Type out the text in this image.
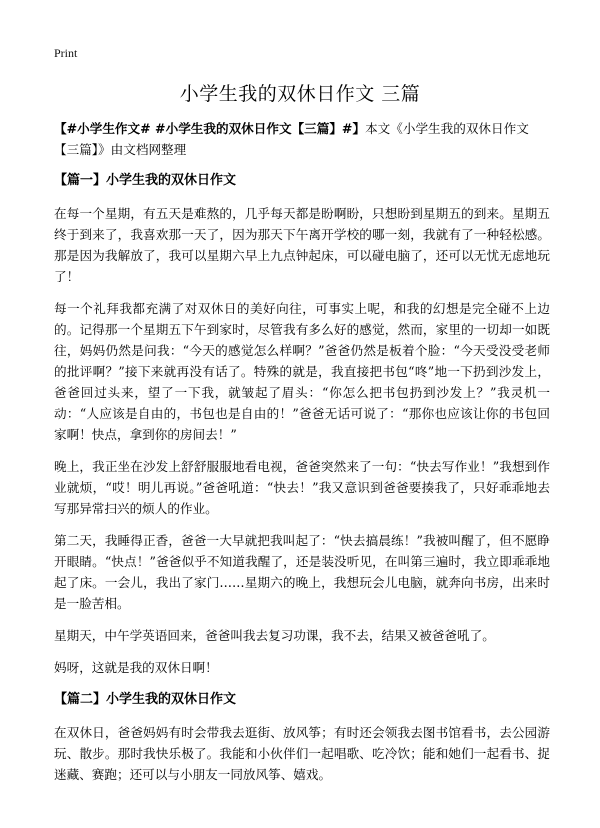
Print
小学生我的双休日作文 三篇

【#小学生作文# #小学生我的双休日作文【三篇】#】本文《小学生我的双休日作文【三篇】》由文档网整理

【篇一】小学生我的双休日作文

在每一个星期，有五天是难熬的，几乎每天都是盼啊盼，只想盼到星期五的到来。星期五终于到来了，我喜欢那一天了，因为那天下午离开学校的哪一刻，我就有了一种轻松感。那是因为我解放了，我可以星期六早上九点钟起床，可以碰电脑了，还可以无忧无虑地玩了！

每一个礼拜我都充满了对双休日的美好向往，可事实上呢，和我的幻想是完全碰不上边的。记得那一个星期五下午到家时，尽管我有多么好的感觉，然而，家里的一切却一如既往，妈妈仍然是问我：“今天的感觉怎么样啊？”爸爸仍然是板着个脸：“今天受没受老师的批评啊？”接下来就再没有话了。特殊的就是，我直接把书包“咚”地一下扔到沙发上，爸爸回过头来，望了一下我，就皱起了眉头：“你怎么把书包扔到沙发上？”我灵机一动：“人应该是自由的，书包也是自由的！”爸爸无话可说了：“那你也应该让你的书包回家啊！快点，拿到你的房间去！”

晚上，我正坐在沙发上舒舒服服地看电视，爸爸突然来了一句：“快去写作业！”我想到作业就烦，“哎！明儿再说。”爸爸吼道：“快去！”我又意识到爸爸要揍我了，只好乖乖地去写那异常扫兴的烦人的作业。

第二天，我睡得正香，爸爸一大早就把我叫起了：“快去搞晨练！”我被叫醒了，但不愿睁开眼睛。“快点！”爸爸似乎不知道我醒了，还是装没听见，在叫第三遍时，我立即乖乖地起了床。一会儿，我出了家门……星期六的晚上，我想玩会儿电脑，就奔向书房，出来时是一脸苦相。

星期天，中午学英语回来，爸爸叫我去复习功课，我不去，结果又被爸爸吼了。

妈呀，这就是我的双休日啊！

【篇二】小学生我的双休日作文

在双休日，爸爸妈妈有时会带我去逛街、放风筝；有时还会领我去图书馆看书，去公园游玩、散步。那时我快乐极了。我能和小伙伴们一起唱歌、吃冷饮；能和她们一起看书、捉迷藏、赛跑；还可以与小朋友一同放风筝、嬉戏。
